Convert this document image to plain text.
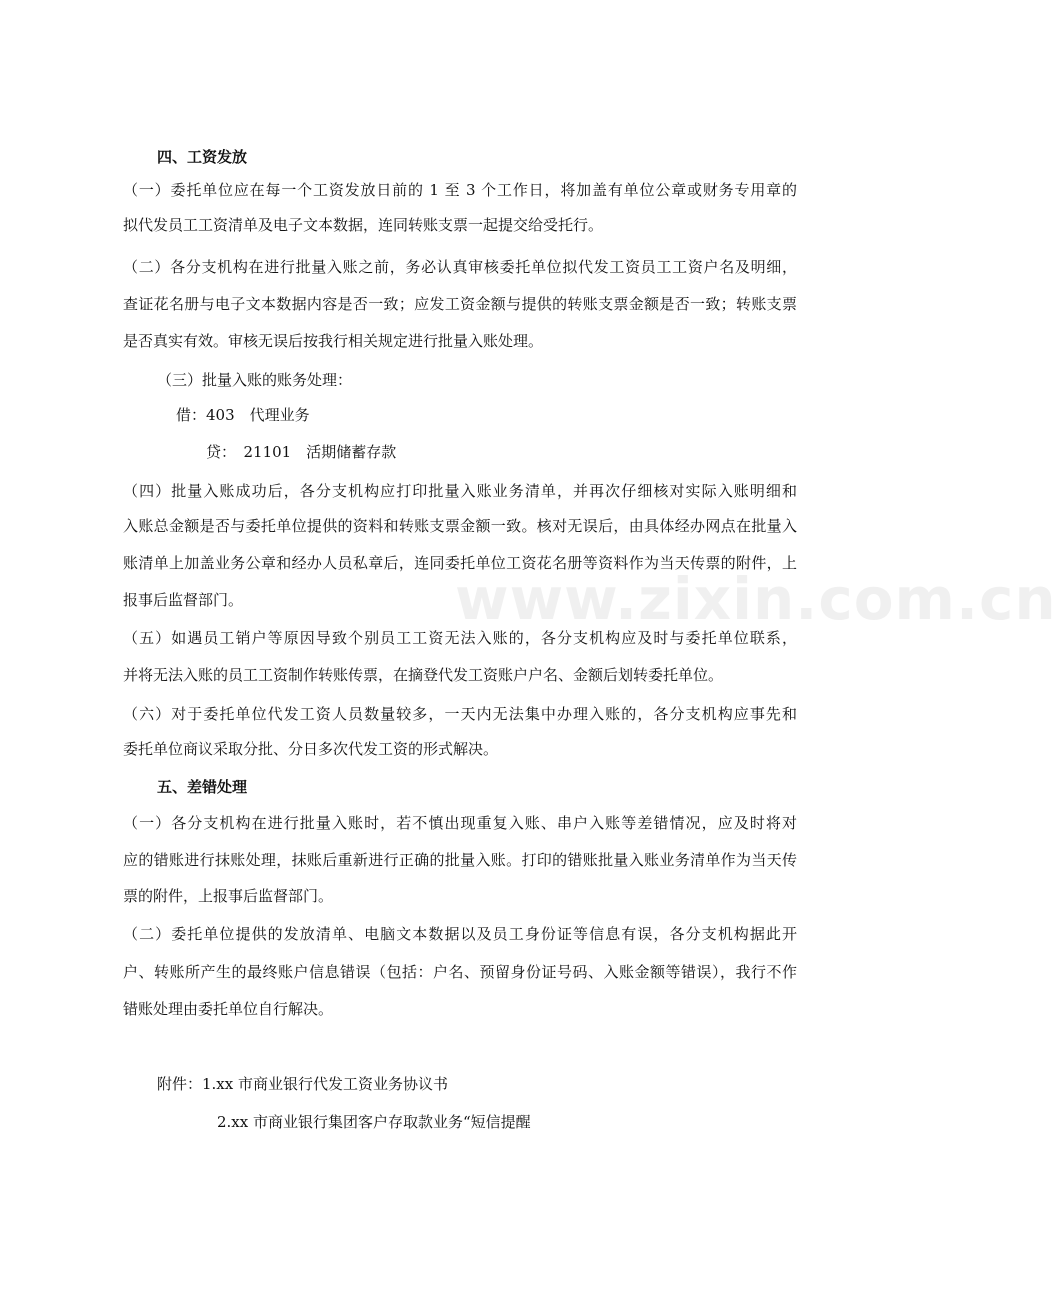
www.zixin.com.cn
四、工资发放
（一）委托单位应在每一个工资发放日前的 1 至 3 个工作日，将加盖有单位公章或财务专用章的
拟代发员工工资清单及电子文本数据，连同转账支票一起提交给受托行。
（二）各分支机构在进行批量入账之前，务必认真审核委托单位拟代发工资员工工资户名及明细，
查证花名册与电子文本数据内容是否一致；应发工资金额与提供的转账支票金额是否一致；转账支票
是否真实有效。审核无误后按我行相关规定进行批量入账处理。
（三）批量入账的账务处理：
借：403　代理业务
贷：　21101　活期储蓄存款
（四）批量入账成功后，各分支机构应打印批量入账业务清单，并再次仔细核对实际入账明细和
入账总金额是否与委托单位提供的资料和转账支票金额一致。核对无误后，由具体经办网点在批量入
账清单上加盖业务公章和经办人员私章后，连同委托单位工资花名册等资料作为当天传票的附件，上
报事后监督部门。
（五）如遇员工销户等原因导致个别员工工资无法入账的，各分支机构应及时与委托单位联系，
并将无法入账的员工工资制作转账传票，在摘登代发工资账户户名、金额后划转委托单位。
（六）对于委托单位代发工资人员数量较多，一天内无法集中办理入账的，各分支机构应事先和
委托单位商议采取分批、分日多次代发工资的形式解决。
五、差错处理
（一）各分支机构在进行批量入账时，若不慎出现重复入账、串户入账等差错情况，应及时将对
应的错账进行抹账处理，抹账后重新进行正确的批量入账。打印的错账批量入账业务清单作为当天传
票的附件，上报事后监督部门。
（二）委托单位提供的发放清单、电脑文本数据以及员工身份证等信息有误，各分支机构据此开
户、转账所产生的最终账户信息错误（包括：户名、预留身份证号码、入账金额等错误），我行不作
错账处理由委托单位自行解决。
附件：1.xx 市商业银行代发工资业务协议书
2.xx 市商业银行集团客户存取款业务“短信提醒
